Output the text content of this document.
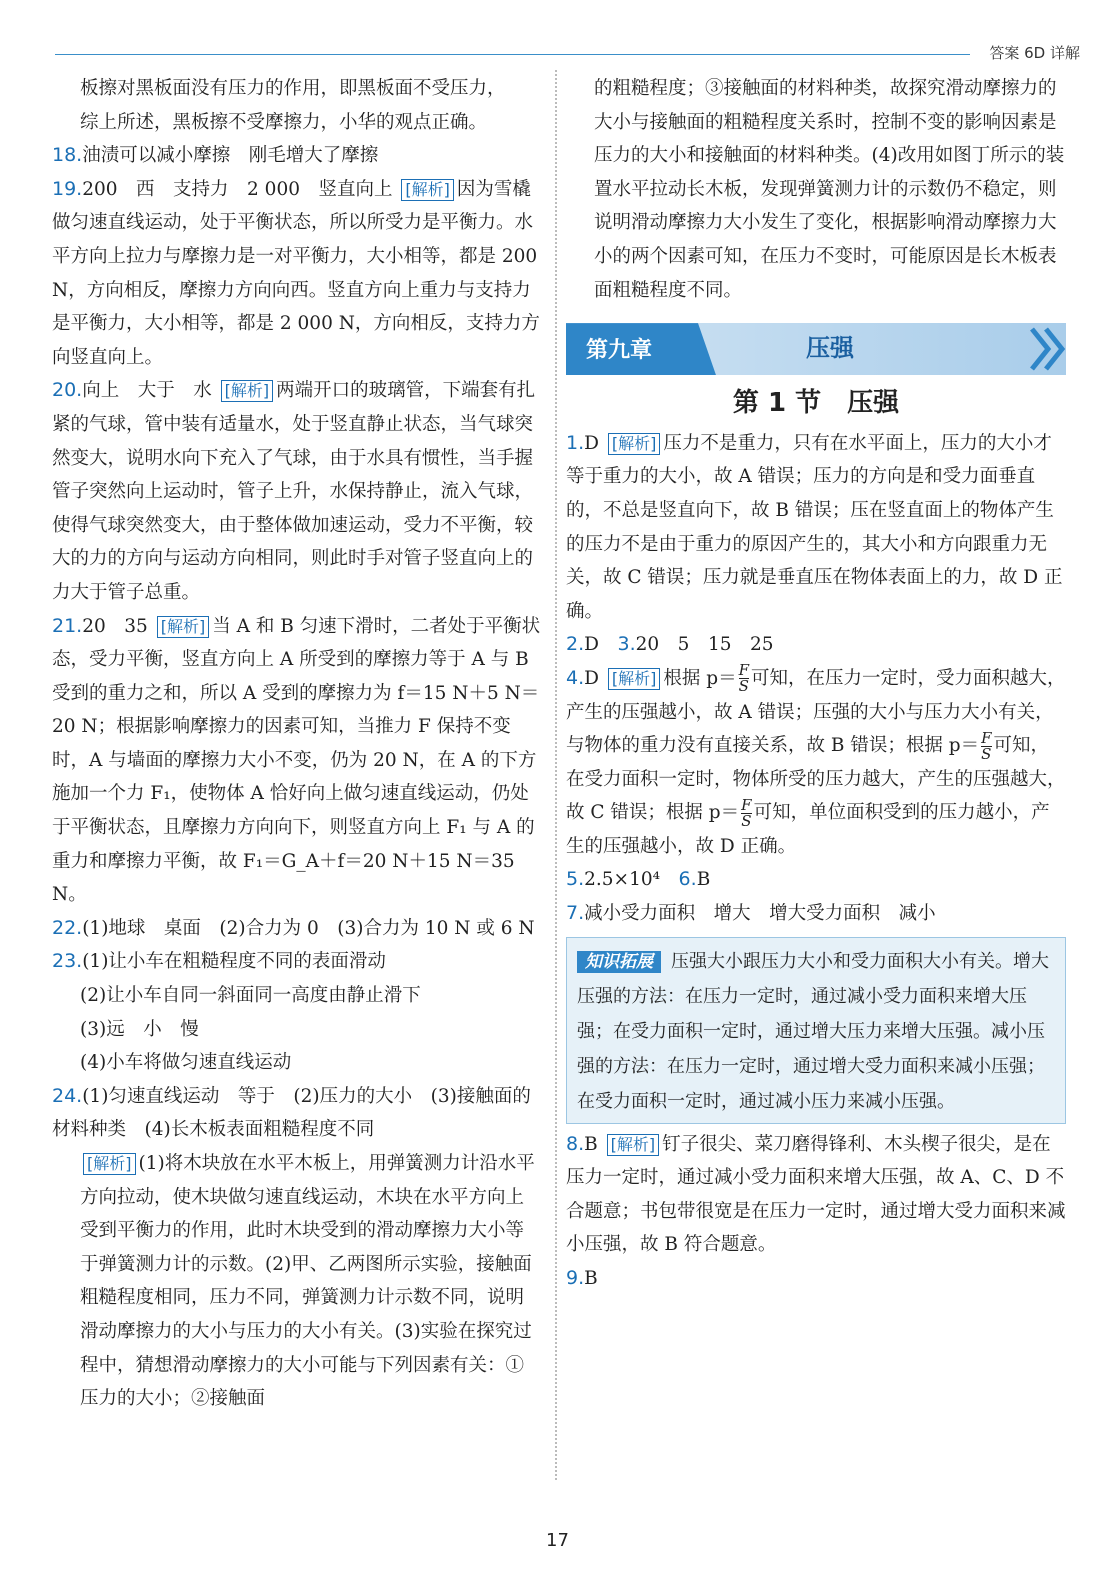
答案 6D 详解

板擦对黑板面没有压力的作用，即黑板面不受压力，
综上所述，黑板擦不受摩擦力，小华的观点正确。

18.油渍可以减小摩擦　刚毛增大了摩擦

19.200　西　支持力　2 000　竖直向上 [解析] 因为雪橇做匀速直线运动，处于平衡状态，所以所受力是平衡力。水平方向上拉力与摩擦力是一对平衡力，大小相等，都是 200 N，方向相反，摩擦力方向向西。竖直方向上重力与支持力是平衡力，大小相等，都是 2 000 N，方向相反，支持力方向竖直向上。

20.向上　大于　水 [解析] 两端开口的玻璃管，下端套有扎紧的气球，管中装有适量水，处于竖直静止状态，当气球突然变大，说明水向下充入了气球，由于水具有惯性，当手握管子突然向上运动时，管子上升，水保持静止，流入气球，使得气球突然变大，由于整体做加速运动，受力不平衡，较大的力的方向与运动方向相同，则此时手对管子竖直向上的力大于管子总重。

21.20　35 [解析] 当 A 和 B 匀速下滑时，二者处于平衡状态，受力平衡，竖直方向上 A 所受到的摩擦力等于 A 与 B 受到的重力之和，所以 A 受到的摩擦力为 f＝15 N＋5 N＝20 N；根据影响摩擦力的因素可知，当推力 F 保持不变时，A 与墙面的摩擦力大小不变，仍为 20 N，在 A 的下方施加一个力 F₁，使物体 A 恰好向上做匀速直线运动，仍处于平衡状态，且摩擦力方向向下，则竖直方向上 F₁ 与 A 的重力和摩擦力平衡，故 F₁＝G_A＋f＝20 N＋15 N＝35 N。

22.(1)地球　桌面　(2)合力为 0　(3)合力为 10 N 或 6 N

23.(1)让小车在粗糙程度不同的表面滑动

(2)让小车自同一斜面同一高度由静止滑下

(3)远　小　慢

(4)小车将做匀速直线运动

24.(1)匀速直线运动　等于　(2)压力的大小　(3)接触面的材料种类　(4)长木板表面粗糙程度不同

[解析] (1)将木块放在水平木板上，用弹簧测力计沿水平方向拉动，使木块做匀速直线运动，木块在水平方向上受到平衡力的作用，此时木块受到的滑动摩擦力大小等于弹簧测力计的示数。(2)甲、乙两图所示实验，接触面粗糙程度相同，压力不同，弹簧测力计示数不同，说明滑动摩擦力的大小与压力的大小有关。(3)实验在探究过程中，猜想滑动摩擦力的大小可能与下列因素有关：①压力的大小；②接触面

的粗糙程度；③接触面的材料种类，故探究滑动摩擦力的大小与接触面的粗糙程度关系时，控制不变的影响因素是压力的大小和接触面的材料种类。(4)改用如图丁所示的装置水平拉动长木板，发现弹簧测力计的示数仍不稳定，则说明滑动摩擦力大小发生了变化，根据影响滑动摩擦力大小的两个因素可知，在压力不变时，可能原因是长木板表面粗糙程度不同。

第九章	压强
第 1 节　压强

1.D [解析] 压力不是重力，只有在水平面上，压力的大小才等于重力的大小，故 A 错误；压力的方向是和受力面垂直的，不总是竖直向下，故 B 错误；压在竖直面上的物体产生的压力不是由于重力的原因产生的，其大小和方向跟重力无关，故 C 错误；压力就是垂直压在物体表面上的力，故 D 正确。

2.D　 3.20　5　15　25

4.D [解析] 根据 $p= \frac{F}{S}$ 可知，在压力一定时，受力面积越大，产生的压强越小，故 A 错误；压强的大小与压力大小有关，与物体的重力没有直接关系，故 B 错误；根据 $p= \frac{F}{S}$ 可知，在受力面积一定时，物体所受的压力越大，产生的压强越大，故 C 错误；根据 $p= \frac{F}{S}$ 可知，单位面积受到的压力越小，产生的压强越小，故 D 正确。

5.2.5×10⁴　 6.B

7.减小受力面积　增大　增大受力面积　减小

知识拓展 压强大小跟压力大小和受力面积大小有关。增大压强的方法：在压力一定时，通过减小受力面积来增大压强；在受力面积一定时，通过增大压力来增大压强。减小压强的方法：在压力一定时，通过增大受力面积来减小压强；在受力面积一定时，通过减小压力来减小压强。

8.B [解析] 钉子很尖、菜刀磨得锋利、木头楔子很尖，是在压力一定时，通过减小受力面积来增大压强，故 A、C、D 不合题意；书包带很宽是在压力一定时，通过增大受力面积来减小压强，故 B 符合题意。

9.B

17
